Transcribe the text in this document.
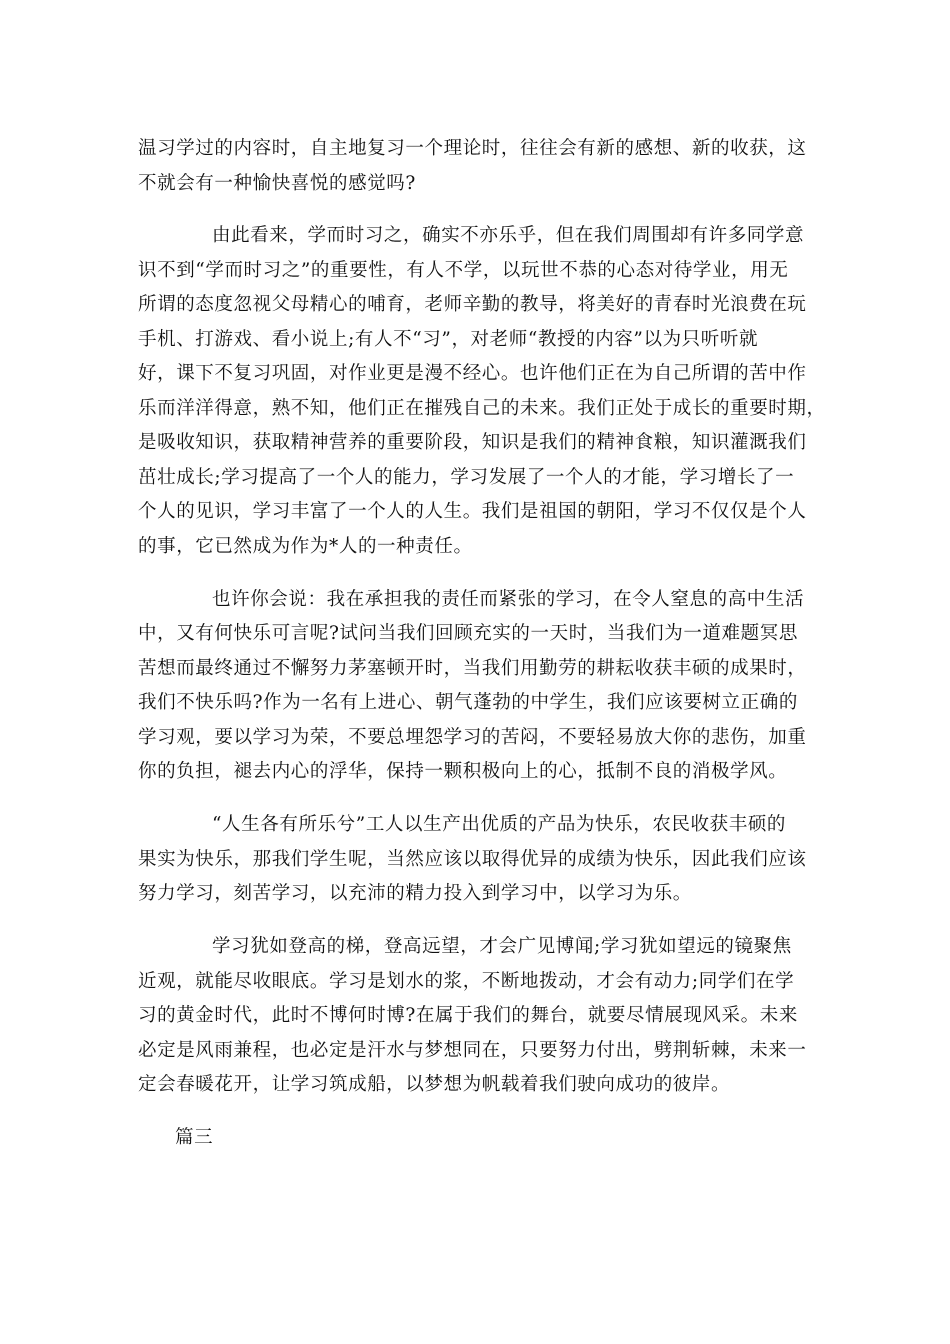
温习学过的内容时，自主地复习一个理论时，往往会有新的感想、新的收获，这
不就会有一种愉快喜悦的感觉吗?
由此看来，学而时习之，确实不亦乐乎，但在我们周围却有许多同学意
识不到“学而时习之”的重要性，有人不学，以玩世不恭的心态对待学业，用无
所谓的态度忽视父母精心的哺育，老师辛勤的教导，将美好的青春时光浪费在玩
手机、打游戏、看小说上;有人不“习”，对老师“教授的内容”以为只听听就
好，课下不复习巩固，对作业更是漫不经心。也许他们正在为自己所谓的苦中作
乐而洋洋得意，熟不知，他们正在摧残自己的未来。我们正处于成长的重要时期，
是吸收知识，获取精神营养的重要阶段，知识是我们的精神食粮，知识灌溉我们
茁壮成长;学习提高了一个人的能力，学习发展了一个人的才能，学习增长了一
个人的见识，学习丰富了一个人的人生。我们是祖国的朝阳，学习不仅仅是个人
的事，它已然成为作为*人的一种责任。
也许你会说：我在承担我的责任而紧张的学习，在令人窒息的高中生活
中，又有何快乐可言呢?试问当我们回顾充实的一天时，当我们为一道难题冥思
苦想而最终通过不懈努力茅塞顿开时，当我们用勤劳的耕耘收获丰硕的成果时，
我们不快乐吗?作为一名有上进心、朝气蓬勃的中学生，我们应该要树立正确的
学习观，要以学习为荣，不要总埋怨学习的苦闷，不要轻易放大你的悲伤，加重
你的负担，褪去内心的浮华，保持一颗积极向上的心，抵制不良的消极学风。
“人生各有所乐兮”工人以生产出优质的产品为快乐，农民收获丰硕的
果实为快乐，那我们学生呢，当然应该以取得优异的成绩为快乐，因此我们应该
努力学习，刻苦学习，以充沛的精力投入到学习中，以学习为乐。
学习犹如登高的梯，登高远望，才会广见博闻;学习犹如望远的镜聚焦
近观，就能尽收眼底。学习是划水的浆，不断地拨动，才会有动力;同学们在学
习的黄金时代，此时不博何时博?在属于我们的舞台，就要尽情展现风采。未来
必定是风雨兼程，也必定是汗水与梦想同在，只要努力付出，劈荆斩棘，未来一
定会春暖花开，让学习筑成船，以梦想为帆载着我们驶向成功的彼岸。
篇三
